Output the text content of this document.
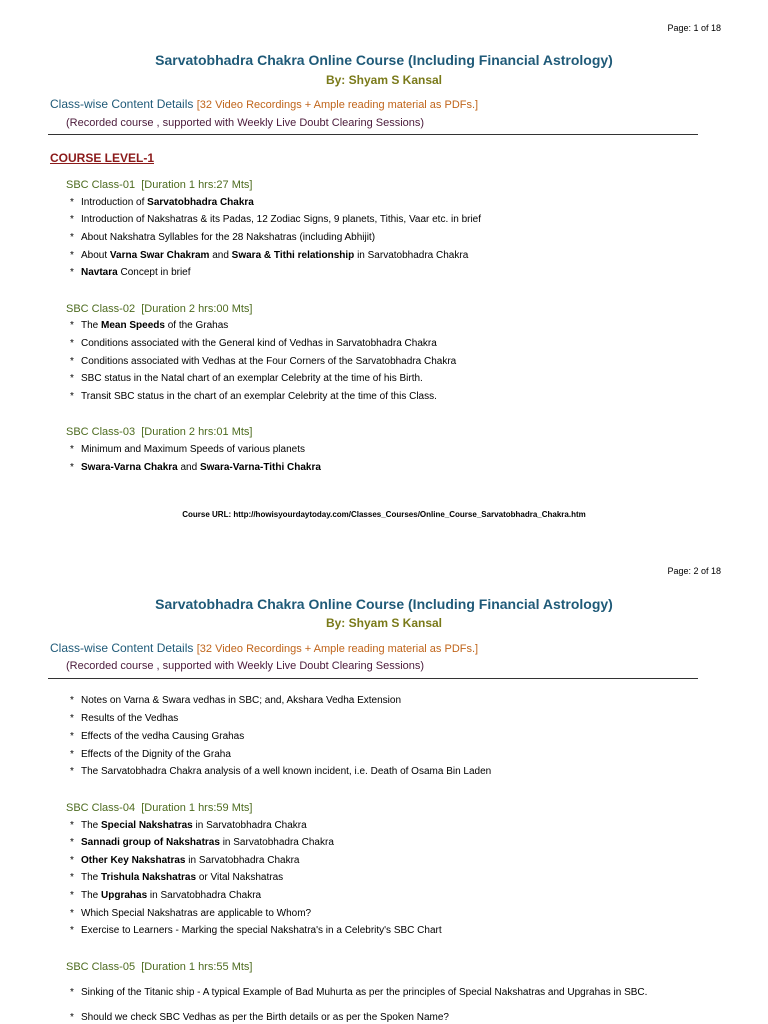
Page: 1 of 18
Sarvatobhadra Chakra Online Course (Including Financial Astrology)
By: Shyam S Kansal
Class-wise Content Details [32 Video Recordings + Ample reading material as PDFs.]
(Recorded course , supported with Weekly Live Doubt Clearing Sessions)
COURSE LEVEL-1
SBC Class-01 [Duration 1 hrs:27 Mts]
* Introduction of Sarvatobhadra Chakra
* Introduction of Nakshatras & its Padas, 12 Zodiac Signs, 9 planets, Tithis, Vaar etc. in brief
* About Nakshatra Syllables for the 28 Nakshatras (including Abhijit)
* About Varna Swar Chakram and Swara & Tithi relationship in Sarvatobhadra Chakra
* Navtara Concept in brief
SBC Class-02 [Duration 2 hrs:00 Mts]
* The Mean Speeds of the Grahas
* Conditions associated with the General kind of Vedhas in Sarvatobhadra Chakra
* Conditions associated with Vedhas at the Four Corners of the Sarvatobhadra Chakra
* SBC status in the Natal chart of an exemplar Celebrity at the time of his Birth.
* Transit SBC status in the chart of an exemplar Celebrity at the time of this Class.
SBC Class-03 [Duration 2 hrs:01 Mts]
* Minimum and Maximum Speeds of various planets
* Swara-Varna Chakra and Swara-Varna-Tithi Chakra
Course URL: http://howisyourdaytoday.com/Classes_Courses/Online_Course_Sarvatobhadra_Chakra.htm
Page: 2 of 18
Sarvatobhadra Chakra Online Course (Including Financial Astrology)
By: Shyam S Kansal
Class-wise Content Details [32 Video Recordings + Ample reading material as PDFs.]
(Recorded course , supported with Weekly Live Doubt Clearing Sessions)
* Notes on Varna & Swara vedhas in SBC; and, Akshara Vedha Extension
* Results of the Vedhas
* Effects of the vedha Causing Grahas
* Effects of the Dignity of the Graha
* The Sarvatobhadra Chakra analysis of a well known incident, i.e. Death of Osama Bin Laden
SBC Class-04 [Duration 1 hrs:59 Mts]
* The Special Nakshatras in Sarvatobhadra Chakra
* Sannadi group of Nakshatras in Sarvatobhadra Chakra
* Other Key Nakshatras in Sarvatobhadra Chakra
* The Trishula Nakshatras or Vital Nakshatras
* The Upgrahas in Sarvatobhadra Chakra
* Which Special Nakshatras are applicable to Whom?
* Exercise to Learners - Marking the special Nakshatra's in a Celebrity's SBC Chart
SBC Class-05 [Duration 1 hrs:55 Mts]
* Sinking of the Titanic ship - A typical Example of Bad Muhurta as per the principles of Special Nakshatras and Upgrahas in SBC.
* Should we check SBC Vedhas as per the Birth details or as per the Spoken Name?
